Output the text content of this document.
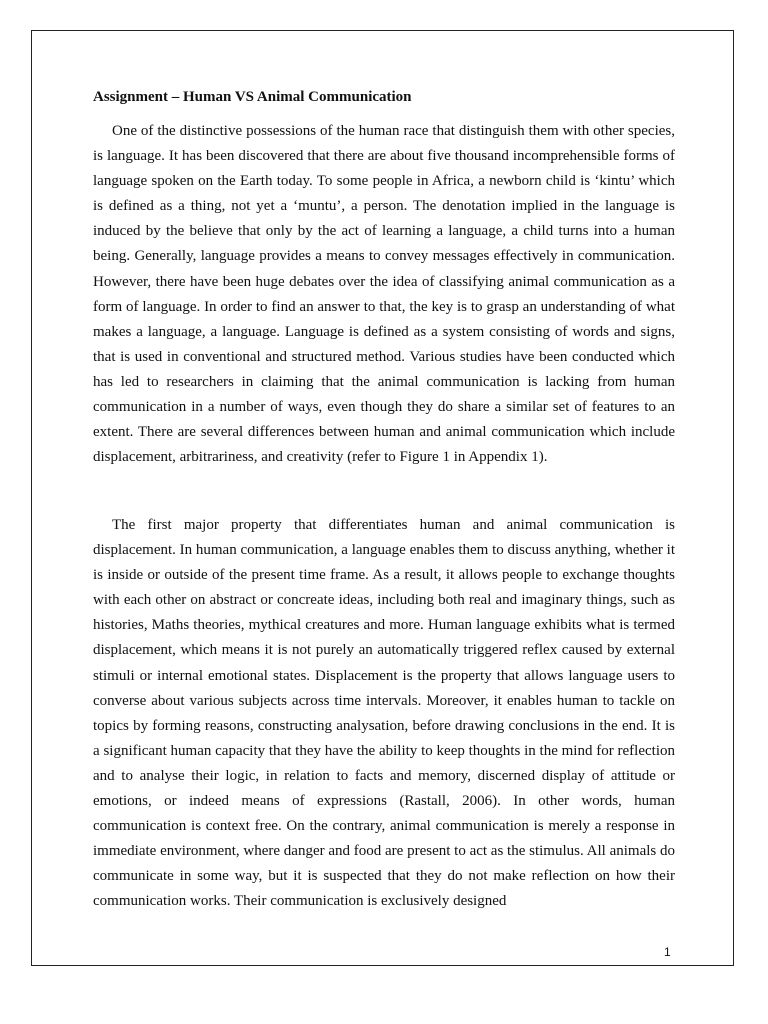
Assignment – Human VS Animal Communication

One of the distinctive possessions of the human race that distinguish them with other species, is language. It has been discovered that there are about five thousand incomprehensible forms of language spoken on the Earth today. To some people in Africa, a newborn child is ‘kintu’ which is defined as a thing, not yet a ‘muntu’, a person. The denotation implied in the language is induced by the believe that only by the act of learning a language, a child turns into a human being. Generally, language provides a means to convey messages effectively in communication. However, there have been huge debates over the idea of classifying animal communication as a form of language. In order to find an answer to that, the key is to grasp an understanding of what makes a language, a language. Language is defined as a system consisting of words and signs, that is used in conventional and structured method. Various studies have been conducted which has led to researchers in claiming that the animal communication is lacking from human communication in a number of ways, even though they do share a similar set of features to an extent. There are several differences between human and animal communication which include displacement, arbitrariness, and creativity (refer to Figure 1 in Appendix 1).

The first major property that differentiates human and animal communication is displacement. In human communication, a language enables them to discuss anything, whether it is inside or outside of the present time frame. As a result, it allows people to exchange thoughts with each other on abstract or concreate ideas, including both real and imaginary things, such as histories, Maths theories, mythical creatures and more. Human language exhibits what is termed displacement, which means it is not purely an automatically triggered reflex caused by external stimuli or internal emotional states. Displacement is the property that allows language users to converse about various subjects across time intervals. Moreover, it enables human to tackle on topics by forming reasons, constructing analysation, before drawing conclusions in the end. It is a significant human capacity that they have the ability to keep thoughts in the mind for reflection and to analyse their logic, in relation to facts and memory, discerned display of attitude or emotions, or indeed means of expressions (Rastall, 2006). In other words, human communication is context free. On the contrary, animal communication is merely a response in immediate environment, where danger and food are present to act as the stimulus. All animals do communicate in some way, but it is suspected that they do not make reflection on how their communication works. Their communication is exclusively designed

1
